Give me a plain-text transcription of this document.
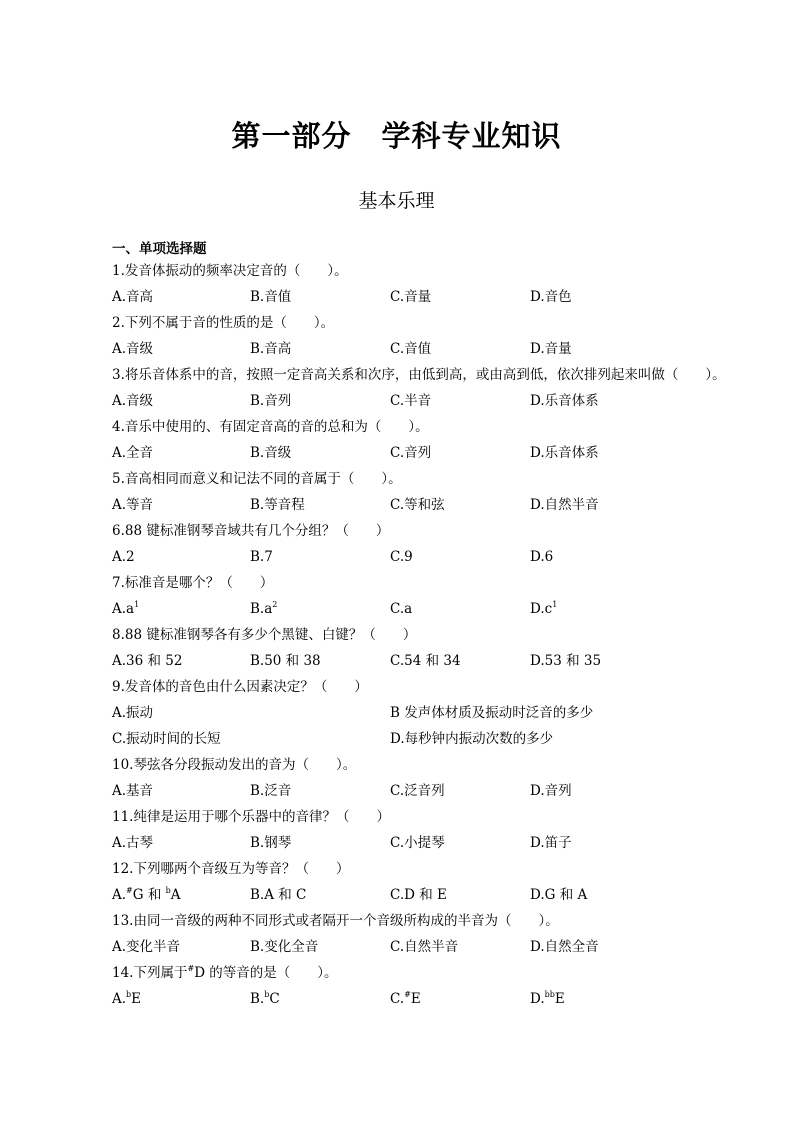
第一部分　学科专业知识
基本乐理
一、单项选择题
1.发音体振动的频率决定音的（　　）。
A.音高	B.音值	C.音量	D.音色
2.下列不属于音的性质的是（　　）。
A.音级	B.音高	C.音值	D.音量
3.将乐音体系中的音，按照一定音高关系和次序，由低到高，或由高到低，依次排列起来叫做（　　）。
A.音级	B.音列	C.半音	D.乐音体系
4.音乐中使用的、有固定音高的音的总和为（　　）。
A.全音	B.音级	C.音列	D.乐音体系
5.音高相同而意义和记法不同的音属于（　　）。
A.等音	B.等音程	C.等和弦	D.自然半音
6.88 键标准钢琴音域共有几个分组？（　　）
A.2	B.7	C.9	D.6
7.标准音是哪个？（　　）
$A.a^1$	$B.a^2$	C.a	$D.c^1$
8.88 键标准钢琴各有多少个黑键、白键？（　　）
A.36 和 52	B.50 和 38	C.54 和 34	D.53 和 35
9.发音体的音色由什么因素决定？（　　）
A.振动	B 发声体材质及振动时泛音的多少
C.振动时间的长短	D.每秒钟内振动次数的多少
10.琴弦各分段振动发出的音为（　　）。
A.基音	B.泛音	C.泛音列	D.音列
11.纯律是运用于哪个乐器中的音律？（　　）
A.古琴	B.钢琴	C.小提琴	D.笛子
12.下列哪两个音级互为等音？（　　）
A.#G 和 $^b$A	B.A 和 C	C.D 和 E	D.G 和 A
13.由同一音级的两种不同形式或者隔开一个音级所构成的半音为（　　）。
A.变化半音	B.变化全音	C.自然半音	D.自然全音
14.下列属于#D 的等音的是（　　）。
A.$^b$E	B.$^b$C	C.#E	D.$^{bb}$E
